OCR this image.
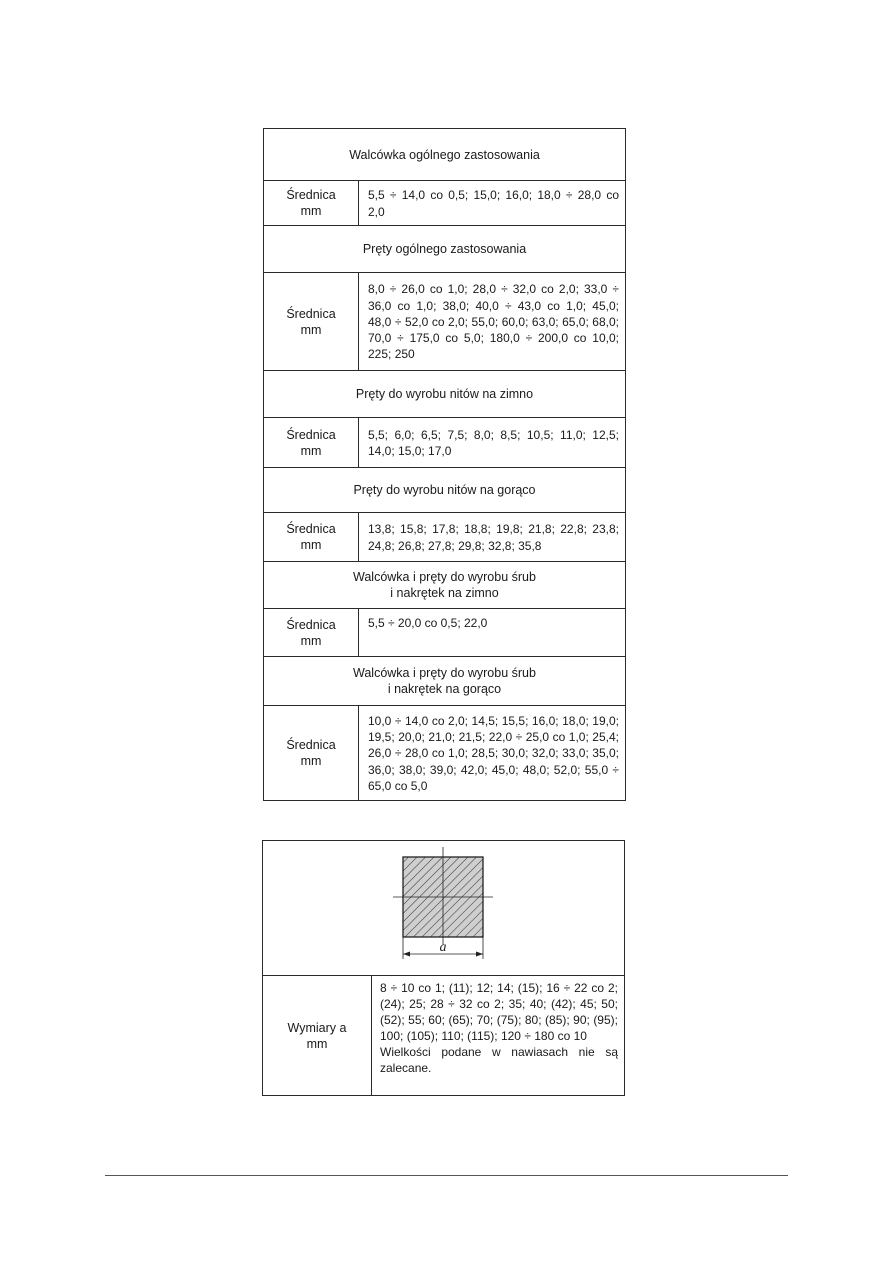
Walcówka ogólnego zastosowania
Średnica
mm
5,5 ÷ 14,0 co 0,5; 15,0; 16,0; 18,0 ÷ 28,0 co 2,0
Pręty ogólnego zastosowania
Średnica
mm
8,0 ÷ 26,0 co 1,0; 28,0 ÷ 32,0 co 2,0; 33,0 ÷ 36,0 co 1,0; 38,0; 40,0 ÷ 43,0 co 1,0; 45,0; 48,0 ÷ 52,0 co 2,0; 55,0; 60,0; 63,0; 65,0; 68,0; 70,0 ÷ 175,0 co 5,0; 180,0 ÷ 200,0 co 10,0; 225; 250
Pręty do wyrobu nitów na zimno
Średnica
mm
5,5; 6,0; 6,5; 7,5; 8,0; 8,5; 10,5; 11,0; 12,5; 14,0; 15,0; 17,0
Pręty do wyrobu nitów na gorąco
Średnica
mm
13,8; 15,8; 17,8; 18,8; 19,8; 21,8; 22,8; 23,8; 24,8; 26,8; 27,8; 29,8; 32,8; 35,8
Walcówka i pręty do wyrobu śrub
i nakrętek na zimno
Średnica
mm
5,5 ÷ 20,0 co 0,5; 22,0
Walcówka i pręty do wyrobu śrub
i nakrętek na gorąco
Średnica
mm
10,0 ÷ 14,0 co 2,0; 14,5; 15,5; 16,0; 18,0; 19,0; 19,5; 20,0; 21,0; 21,5; 22,0 ÷ 25,0 co 1,0; 25,4; 26,0 ÷ 28,0 co 1,0; 28,5; 30,0; 32,0; 33,0; 35,0; 36,0; 38,0; 39,0; 42,0; 45,0; 48,0; 52,0; 55,0 ÷ 65,0 co 5,0
a
Wymiary a
mm
8 ÷ 10 co 1; (11); 12; 14; (15); 16 ÷ 22 co 2; (24); 25; 28 ÷ 32 co 2; 35; 40; (42); 45; 50; (52); 55; 60; (65); 70; (75); 80; (85); 90; (95); 100; (105); 110; (115); 120 ÷ 180 co 10
Wielkości podane w nawiasach nie są zalecane.
